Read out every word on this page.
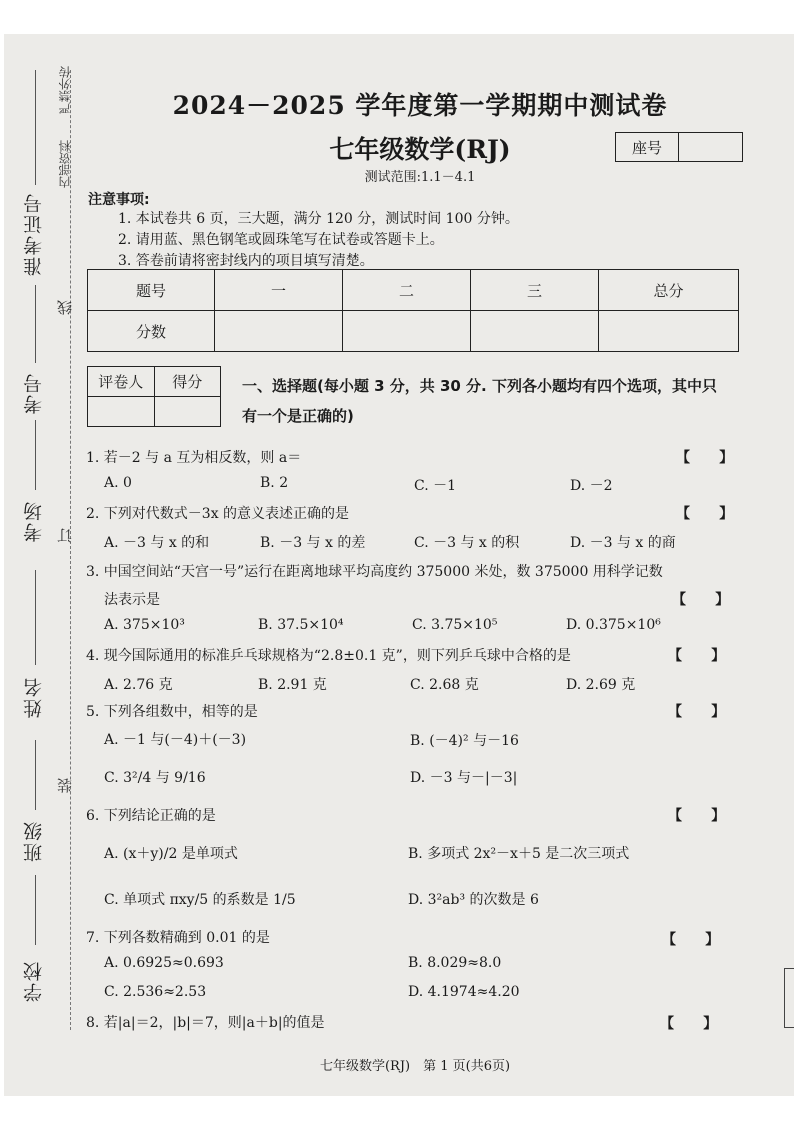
学校
班级
姓名
考场
考号
准考证号
装
订
线
内部资料
严禁外传	2024－2025 学年度第一学期期中测试卷
七年级数学(RJ)	座号
测试范围:1.1－4.1
注意事项:
1. 本试卷共 6 页，三大题，满分 120 分，测试时间 100 分钟。
2. 请用蓝、黑色钢笔或圆珠笔写在试卷或答题卡上。
3. 答卷前请将密封线内的项目填写清楚。
题号	一	二	三	总分
分数				
评卷人	得分
		一、选择题(每小题 3 分，共 30 分. 下列各小题均有四个选项，其中只
有一个是正确的)
1. 若－2 与 a 互为相反数，则 a＝	【      】
A. 0	B. 2	C. －1	D. －2
2. 下列对代数式－3x 的意义表述正确的是	【      】
A. －3 与 x 的和	B. －3 与 x 的差	C. －3 与 x 的积	D. －3 与 x 的商
3. 中国空间站“天宫一号”运行在距离地球平均高度约 375000 米处，数 375000 用科学记数
法表示是	【      】
A. 375×10³	B. 37.5×10⁴	C. 3.75×10⁵	D. 0.375×10⁶
4. 现今国际通用的标准乒乓球规格为“2.8±0.1 克”，则下列乒乓球中合格的是	【      】
A. 2.76 克	B. 2.91 克	C. 2.68 克	D. 2.69 克
5. 下列各组数中，相等的是	【      】
A. －1 与(－4)＋(－3)	B. (－4)² 与－16
C. 3²/4 与 9/16	D. －3 与－|－3|
6. 下列结论正确的是	【      】
A. (x＋y)/2 是单项式	B. 多项式 2x²－x＋5 是二次三项式
C. 单项式 πxy/5 的系数是 1/5	D. 3²ab³ 的次数是 6
7. 下列各数精确到 0.01 的是	【      】
A. 0.6925≈0.693	B. 8.029≈8.0
C. 2.536≈2.53	D. 4.1974≈4.20
8. 若|a|＝2，|b|＝7，则|a＋b|的值是	【      】
七年级数学(RJ)　第 1 页(共6页)
